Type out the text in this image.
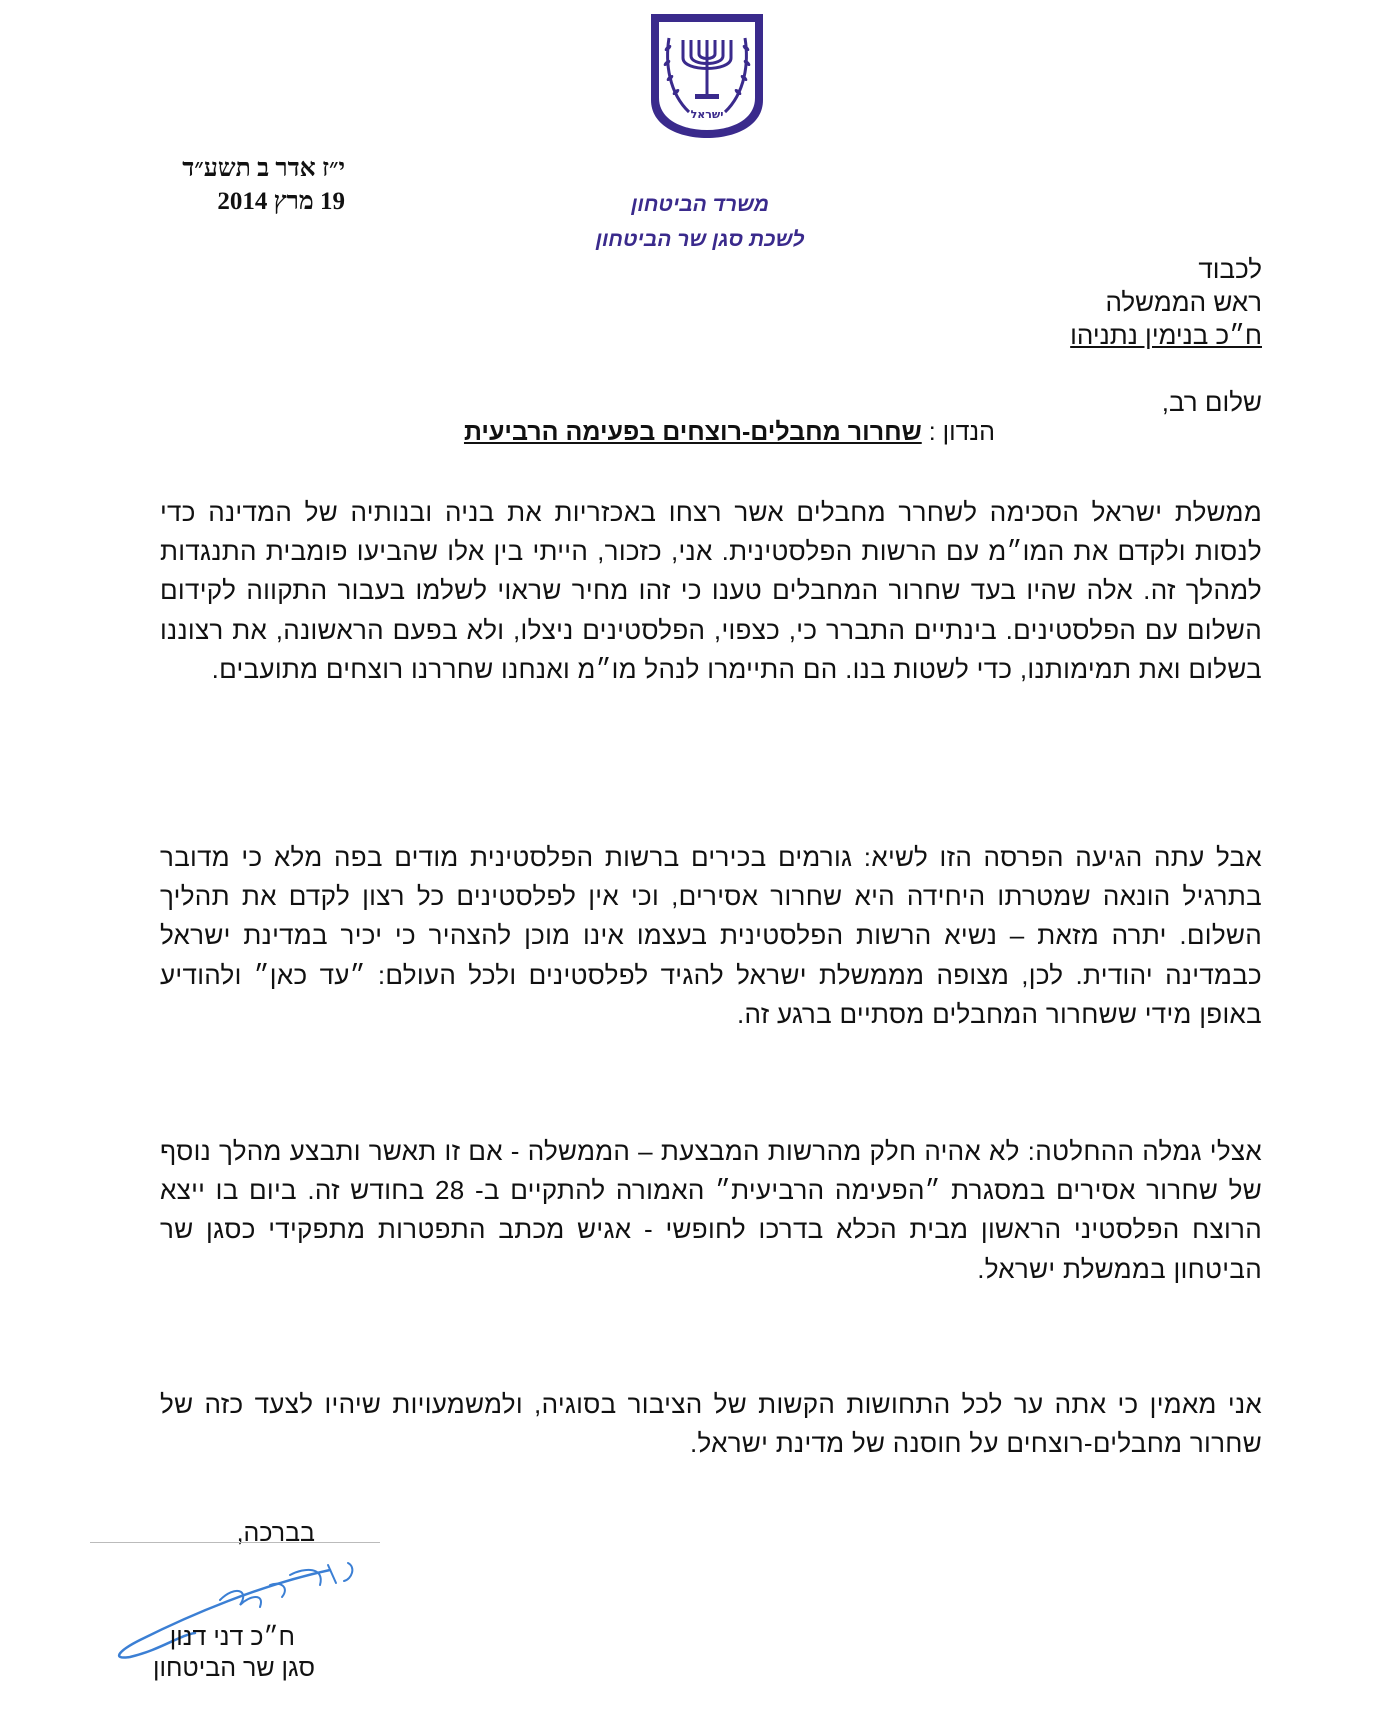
ישראל
משרד הביטחון
לשכת סגן שר הביטחון
י״ז אדר ב תשע״ד
19 מרץ 2014
לכבוד
ראש הממשלה
ח״כ בנימין נתניהו
שלום רב,
הנדון : שחרור מחבלים-רוצחים בפעימה הרביעית
ממשלת ישראל הסכימה לשחרר מחבלים אשר רצחו באכזריות את בניה ובנותיה של המדינה כדי לנסות ולקדם את המו״מ עם הרשות הפלסטינית. אני, כזכור, הייתי בין אלו שהביעו פומבית התנגדות למהלך זה. אלה שהיו בעד שחרור המחבלים טענו כי זהו מחיר שראוי לשלמו בעבור התקווה לקידום השלום עם הפלסטינים. בינתיים התברר כי, כצפוי, הפלסטינים ניצלו, ולא בפעם הראשונה, את רצוננו בשלום ואת תמימותנו, כדי לשטות בנו. הם התיימרו לנהל מו״מ ואנחנו שחררנו רוצחים מתועבים.
אבל עתה הגיעה הפרסה הזו לשיא: גורמים בכירים ברשות הפלסטינית מודים בפה מלא כי מדובר בתרגיל הונאה שמטרתו היחידה היא שחרור אסירים, וכי אין לפלסטינים כל רצון לקדם את תהליך השלום. יתרה מזאת – נשיא הרשות הפלסטינית בעצמו אינו מוכן להצהיר כי יכיר במדינת ישראל כבמדינה יהודית. לכן, מצופה מממשלת ישראל להגיד לפלסטינים ולכל העולם: ״עד כאן״ ולהודיע באופן מידי ששחרור המחבלים מסתיים ברגע זה.
אצלי גמלה ההחלטה: לא אהיה חלק מהרשות המבצעת – הממשלה - אם זו תאשר ותבצע מהלך נוסף של שחרור אסירים במסגרת ״הפעימה הרביעית״ האמורה להתקיים ב- 28 בחודש זה. ביום בו ייצא הרוצח הפלסטיני הראשון מבית הכלא בדרכו לחופשי - אגיש מכתב התפטרות מתפקידי כסגן שר הביטחון בממשלת ישראל.
אני מאמין כי אתה ער לכל התחושות הקשות של הציבור בסוגיה, ולמשמעויות שיהיו לצעד כזה של שחרור מחבלים-רוצחים על חוסנה של מדינת ישראל.
בברכה,
ח״כ דני דנון
סגן שר הביטחון
